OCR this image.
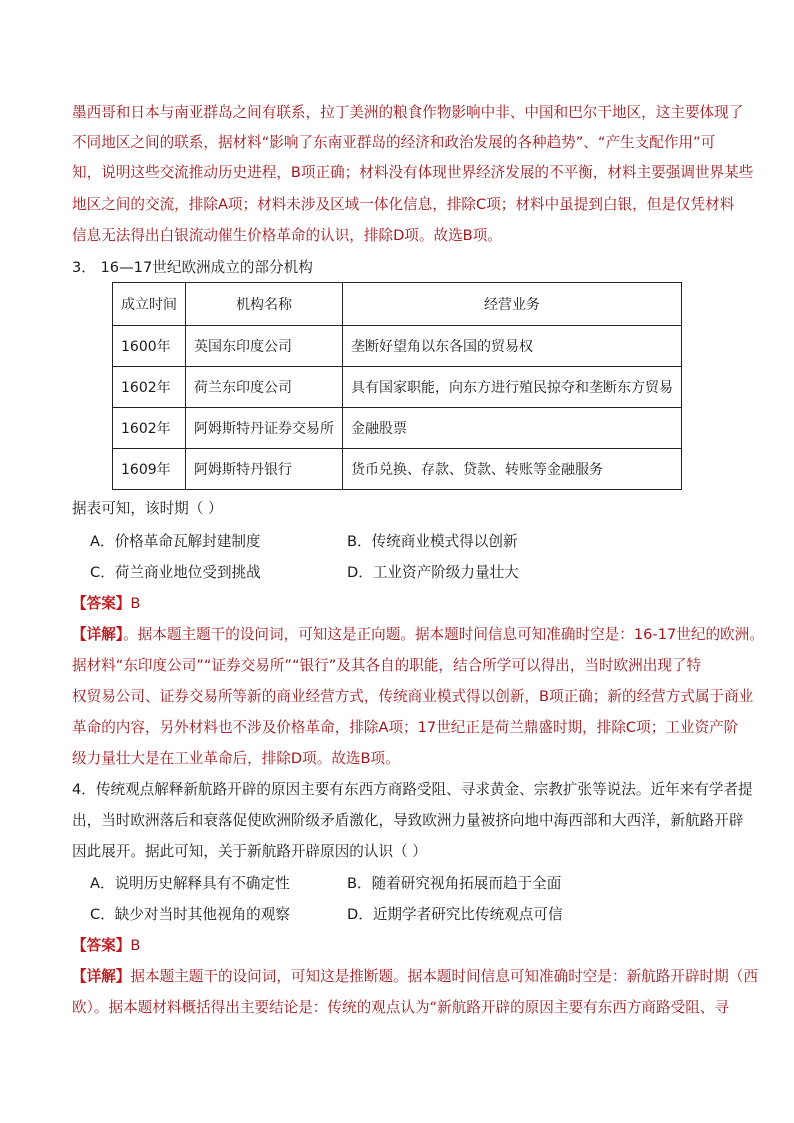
墨西哥和日本与南亚群岛之间有联系，拉丁美洲的粮食作物影响中非、中国和巴尔干地区，这主要体现了
不同地区之间的联系，据材料“影响了东南亚群岛的经济和政治发展的各种趋势”、“产生支配作用”可
知，说明这些交流推动历史进程，B项正确；材料没有体现世界经济发展的不平衡，材料主要强调世界某些
地区之间的交流，排除A项；材料未涉及区域一体化信息，排除C项；材料中虽提到白银，但是仅凭材料
信息无法得出白银流动催生价格革命的认识，排除D项。故选B项。
3． 16—17世纪欧洲成立的部分机构
成立时间	机构名称	经营业务
1600年	英国东印度公司	垄断好望角以东各国的贸易权
1602年	荷兰东印度公司	具有国家职能，向东方进行殖民掠夺和垄断东方贸易
1602年	阿姆斯特丹证券交易所	金融股票
1609年	阿姆斯特丹银行	货币兑换、存款、贷款、转账等金融服务
据表可知，该时期（ ）
A．价格革命瓦解封建制度	B．传统商业模式得以创新
C．荷兰商业地位受到挑战	D．工业资产阶级力量壮大
【答案】B
【详解】。据本题主题干的设问词，可知这是正向题。据本题时间信息可知准确时空是：16-17世纪的欧洲。
据材料“东印度公司”“证券交易所”“银行”及其各自的职能，结合所学可以得出，当时欧洲出现了特
权贸易公司、证券交易所等新的商业经营方式，传统商业模式得以创新，B项正确；新的经营方式属于商业
革命的内容，另外材料也不涉及价格革命，排除A项；17世纪正是荷兰鼎盛时期，排除C项；工业资产阶
级力量壮大是在工业革命后，排除D项。故选B项。
4．传统观点解释新航路开辟的原因主要有东西方商路受阻、寻求黄金、宗教扩张等说法。近年来有学者提
出，当时欧洲落后和衰落促使欧洲阶级矛盾激化，导致欧洲力量被挤向地中海西部和大西洋，新航路开辟
因此展开。据此可知，关于新航路开辟原因的认识（ ）
A．说明历史解释具有不确定性	B．随着研究视角拓展而趋于全面
C．缺少对当时其他视角的观察	D．近期学者研究比传统观点可信
【答案】B
【详解】据本题主题干的设问词，可知这是推断题。据本题时间信息可知准确时空是：新航路开辟时期（西
欧）。据本题材料概括得出主要结论是：传统的观点认为“新航路开辟的原因主要有东西方商路受阻、寻
